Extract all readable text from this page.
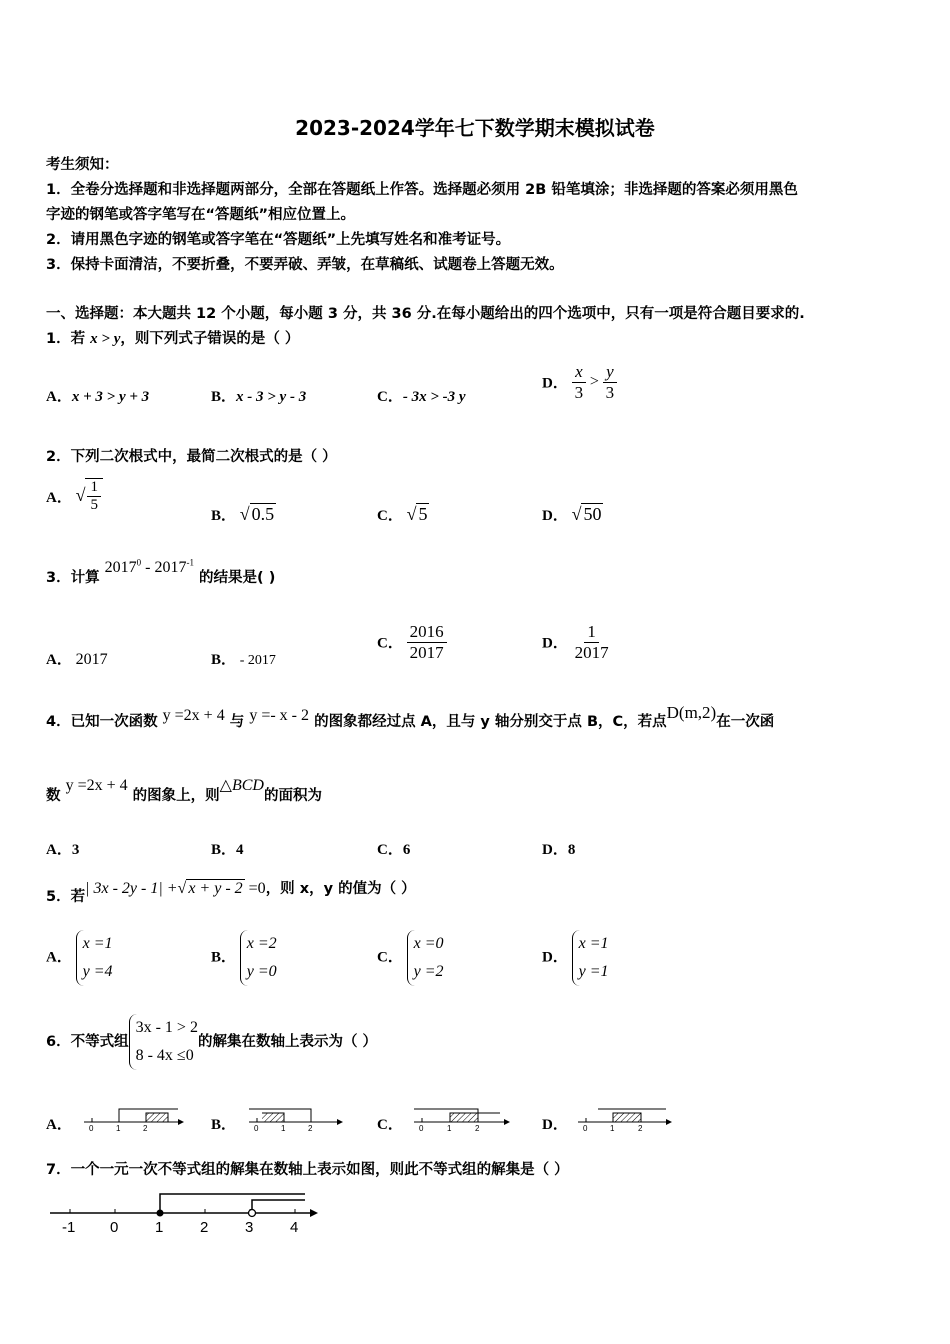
2023-2024学年七下数学期末模拟试卷
考生须知：
1．全卷分选择题和非选择题两部分，全部在答题纸上作答。选择题必须用 2B 铅笔填涂；非选择题的答案必须用黑色
字迹的钢笔或答字笔写在“答题纸”相应位置上。
2．请用黑色字迹的钢笔或答字笔在“答题纸”上先填写姓名和准考证号。
3．保持卡面清洁，不要折叠，不要弄破、弄皱，在草稿纸、试题卷上答题无效。
一、选择题：本大题共 12 个小题，每小题 3 分，共 36 分.在每小题给出的四个选项中，只有一项是符合题目要求的.
1．若 x > y，则下列式子错误的是（ ）
A．x + 3 > y + 3	B．x - 3 > y - 3	C．- 3x > -3 y
D． $\frac{x}{3} > \frac{y}{3}$
2．下列二次根式中，最简二次根式的是（ ）
A． √ $\frac{1}{5}$
B． √ 0.5	C． √ 5	D． √ 50
3．计算 $2017^0 - 2017^{-1}$ 的结果是( )
A． 2017	B． - 2017
C． $\frac{2016}{2017}$	D． $\frac{1}{2017}$
4．已知一次函数 y =2x + 4 与 y =- x - 2 的图象都经过点 A，且与 y 轴分别交于点 B，C，若点D(m,2)在一次函
数 y =2x + 4 的图象上，则△BCD的面积为
A．3	B．4	C．6	D．8
5．若| 3x - 2y - 1| +√ x + y - 2 =0，则 x，y 的值为（ ）
A．
x =1
y =4
B．
x =2
y =0
C．
x =0
y =2
D．
x =1
y =1
6．不等式组
3x - 1 > 2
8 - 4x ≤0
的解集在数轴上表示为（ ）
A．	B．	C．	D．
0	1	2	0	1	2	0	1	2	0	1	2
-1 0 1 2 3 4
7．一个一元一次不等式组的解集在数轴上表示如图，则此不等式组的解集是（ ）
